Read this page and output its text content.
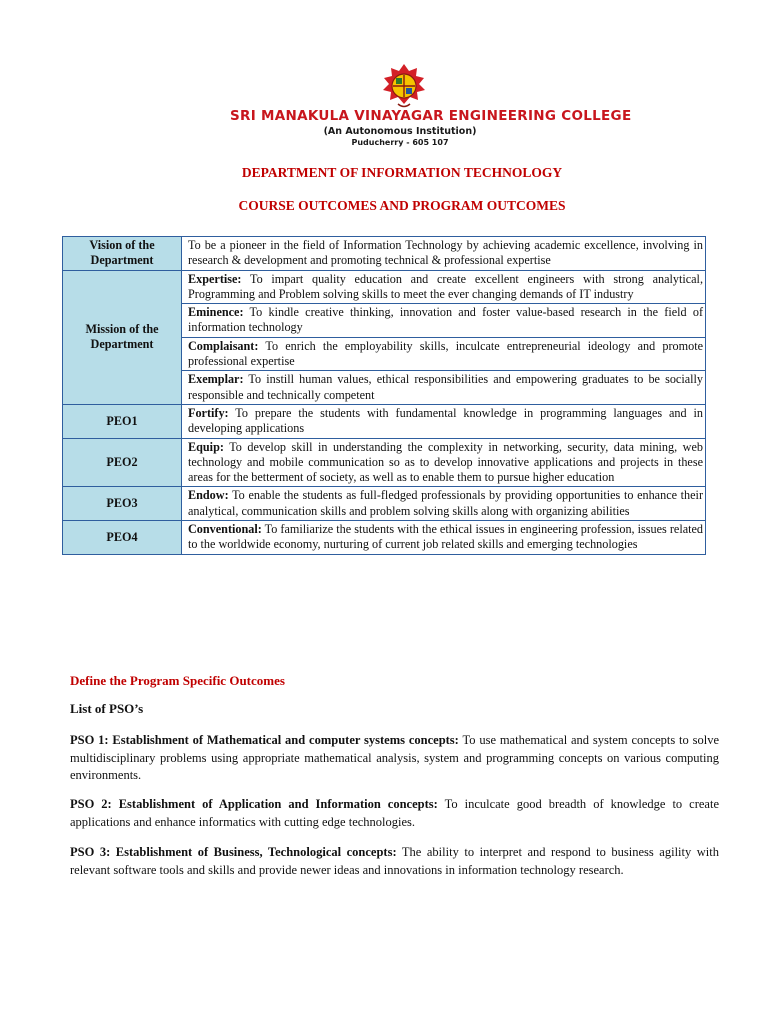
SRI MANAKULA VINAYAGAR ENGINEERING COLLEGE
(An Autonomous Institution)
Puducherry - 605 107
DEPARTMENT OF INFORMATION TECHNOLOGY
COURSE OUTCOMES AND PROGRAM OUTCOMES
Vision of the Department	To be a pioneer in the field of Information Technology by achieving academic excellence, involving in research & development and promoting technical & professional expertise
Mission of the Department	Expertise: To impart quality education and create excellent engineers with strong analytical, Programming and Problem solving skills to meet the ever changing demands of IT industry
	Eminence: To kindle creative thinking, innovation and foster value-based research in the field of information technology
	Complaisant: To enrich the employability skills, inculcate entrepreneurial ideology and promote professional expertise
	Exemplar: To instill human values, ethical responsibilities and empowering graduates to be socially responsible and technically competent
PEO1	Fortify: To prepare the students with fundamental knowledge in programming languages and in developing applications
PEO2	Equip: To develop skill in understanding the complexity in networking, security, data mining, web technology and mobile communication so as to develop innovative applications and projects in these areas for the betterment of society, as well as to enable them to pursue higher education
PEO3	Endow: To enable the students as full-fledged professionals by providing opportunities to enhance their analytical, communication skills and problem solving skills along with organizing abilities
PEO4	Conventional: To familiarize the students with the ethical issues in engineering profession, issues related to the worldwide economy, nurturing of current job related skills and emerging technologies
Define the Program Specific Outcomes
List of PSO’s
PSO 1: Establishment of Mathematical and computer systems concepts: To use mathematical and system concepts to solve multidisciplinary problems using appropriate mathematical analysis, system and programming concepts on various computing environments.
PSO 2: Establishment of Application and Information concepts: To inculcate good breadth of knowledge to create applications and enhance informatics with cutting edge technologies.
PSO 3: Establishment of Business, Technological concepts: The ability to interpret and respond to business agility with relevant software tools and skills and provide newer ideas and innovations in information technology research.
